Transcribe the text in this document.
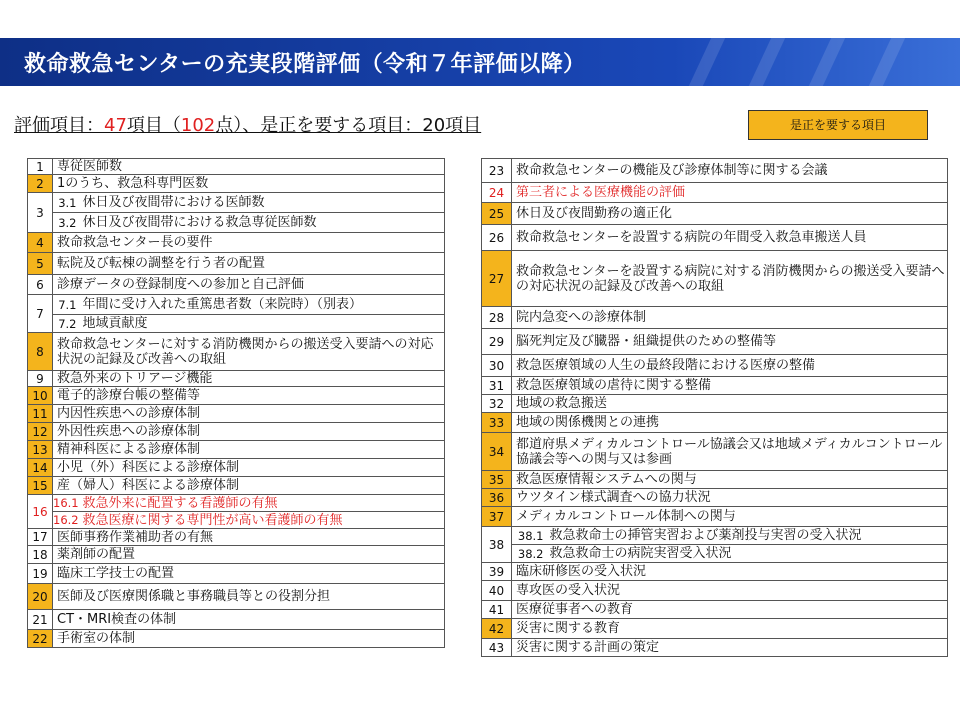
救命救急センターの充実段階評価（令和７年評価以降）
評価項目：47項目（102点）、是正を要する項目：20項目	是正を要する項目
1	専従医師数	
2	1のうち、救急科専門医数	
3	3.1	休日及び夜間帯における医師数
	3.2	休日及び夜間帯における救急専従医師数
4	救命救急センター長の要件	
5	転院及び転棟の調整を行う者の配置	
6	診療データの登録制度への参加と自己評価	
7	7.1	年間に受け入れた重篤患者数（来院時）（別表）
	7.2	地域貢献度
8	救命救急センターに対する消防機関からの搬送受入要請への対応状況の記録及び改善への取組	
9	救急外来のトリアージ機能	
10	電子的診療台帳の整備等	
11	内因性疾患への診療体制	
12	外因性疾患への診療体制	
13	精神科医による診療体制	
14	小児（外）科医による診療体制	
15	産（婦人）科医による診療体制	
16	16.1	救急外来に配置する看護師の有無
	16.2	救急医療に関する専門性が高い看護師の有無
17	医師事務作業補助者の有無	
18	薬剤師の配置	
19	臨床工学技士の配置	
20	医師及び医療関係職と事務職員等との役割分担	
21	CT・MRI検査の体制	
22	手術室の体制	
23	救命救急センターの機能及び診療体制等に関する会議	
24	第三者による医療機能の評価	
25	休日及び夜間勤務の適正化	
26	救命救急センターを設置する病院の年間受入救急車搬送人員	
27	救命救急センターを設置する病院に対する消防機関からの搬送受入要請への対応状況の記録及び改善への取組	
28	院内急変への診療体制	
29	脳死判定及び臓器・組織提供のための整備等	
30	救急医療領域の人生の最終段階における医療の整備	
31	救急医療領域の虐待に関する整備	
32	地域の救急搬送	
33	地域の関係機関との連携	
34	都道府県メディカルコントロール協議会又は地域メディカルコントロール協議会等への関与又は参画	
35	救急医療情報システムへの関与	
36	ウツタイン様式調査への協力状況	
37	メディカルコントロール体制への関与	
38	38.1	救急救命士の挿管実習および薬剤投与実習の受入状況
	38.2	救急救命士の病院実習受入状況
39	臨床研修医の受入状況	
40	専攻医の受入状況	
41	医療従事者への教育	
42	災害に関する教育	
43	災害に関する計画の策定	
